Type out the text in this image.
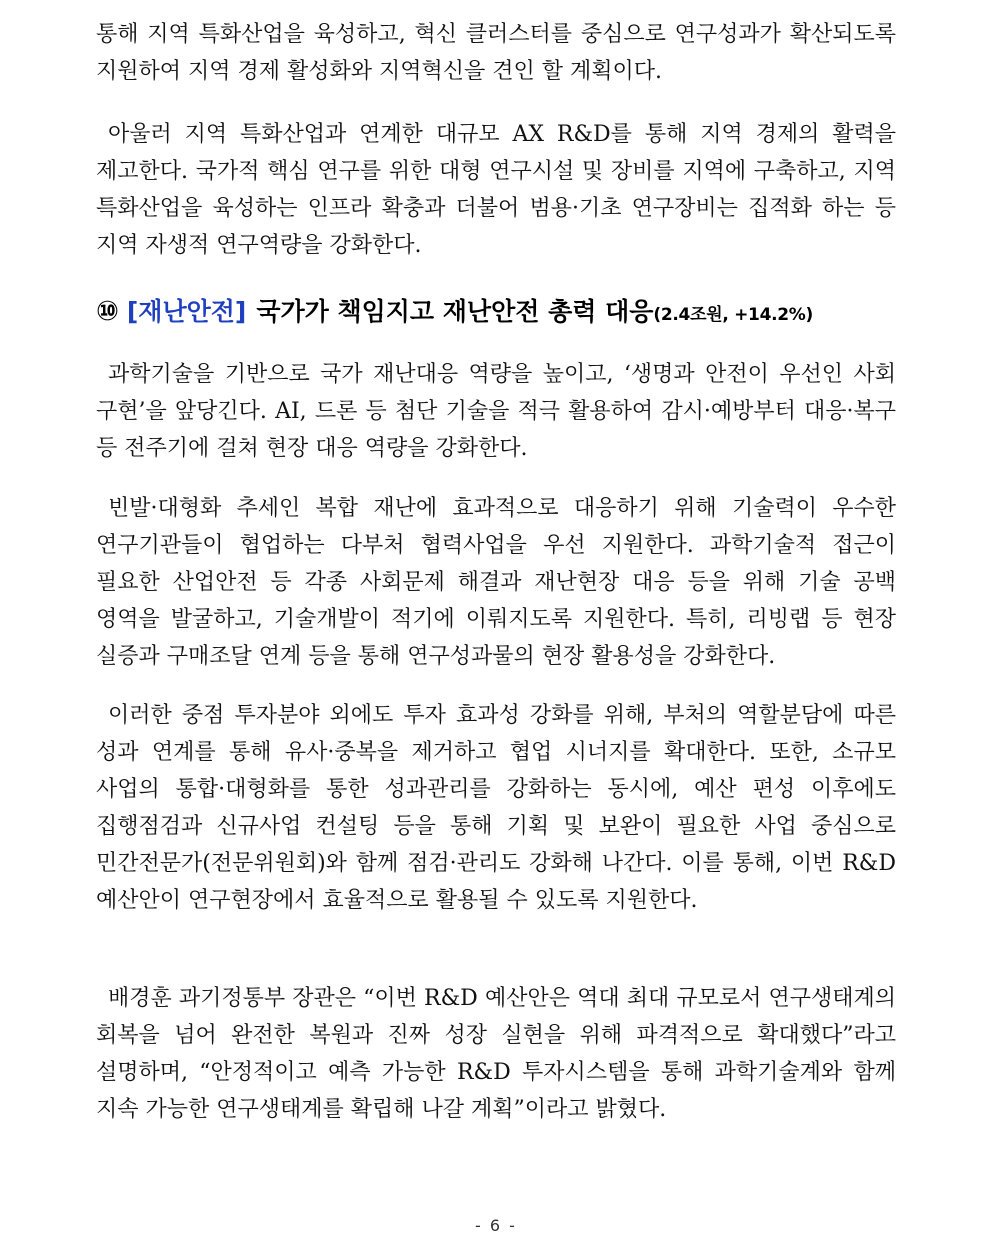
통해 지역 특화산업을 육성하고, 혁신 클러스터를 중심으로 연구성과가 확산되도록 지원하여 지역 경제 활성화와 지역혁신을 견인 할 계획이다.

아울러 지역 특화산업과 연계한 대규모 AX R&D를 통해 지역 경제의 활력을 제고한다. 국가적 핵심 연구를 위한 대형 연구시설 및 장비를 지역에 구축하고, 지역 특화산업을 육성하는 인프라 확충과 더불어 범용·기초 연구장비는 집적화 하는 등 지역 자생적 연구역량을 강화한다.

⑩ [재난안전] 국가가 책임지고 재난안전 총력 대응(2.4조원, +14.2%)

과학기술을 기반으로 국가 재난대응 역량을 높이고, ‘생명과 안전이 우선인 사회 구현’을 앞당긴다. AI, 드론 등 첨단 기술을 적극 활용하여 감시·예방부터 대응·복구 등 전주기에 걸쳐 현장 대응 역량을 강화한다.

빈발·대형화 추세인 복합 재난에 효과적으로 대응하기 위해 기술력이 우수한 연구기관들이 협업하는 다부처 협력사업을 우선 지원한다. 과학기술적 접근이 필요한 산업안전 등 각종 사회문제 해결과 재난현장 대응 등을 위해 기술 공백 영역을 발굴하고, 기술개발이 적기에 이뤄지도록 지원한다. 특히, 리빙랩 등 현장 실증과 구매조달 연계 등을 통해 연구성과물의 현장 활용성을 강화한다.

이러한 중점 투자분야 외에도 투자 효과성 강화를 위해, 부처의 역할분담에 따른 성과 연계를 통해 유사·중복을 제거하고 협업 시너지를 확대한다. 또한, 소규모 사업의 통합·대형화를 통한 성과관리를 강화하는 동시에, 예산 편성 이후에도 집행점검과 신규사업 컨설팅 등을 통해 기획 및 보완이 필요한 사업 중심으로 민간전문가(전문위원회)와 함께 점검·관리도 강화해 나간다. 이를 통해, 이번 R&D 예산안이 연구현장에서 효율적으로 활용될 수 있도록 지원한다.

배경훈 과기정통부 장관은 “이번 R&D 예산안은 역대 최대 규모로서 연구생태계의 회복을 넘어 완전한 복원과 진짜 성장 실현을 위해 파격적으로 확대했다”라고 설명하며, “안정적이고 예측 가능한 R&D 투자시스템을 통해 과학기술계와 함께 지속 가능한 연구생태계를 확립해 나갈 계획”이라고 밝혔다.

- 6 -
